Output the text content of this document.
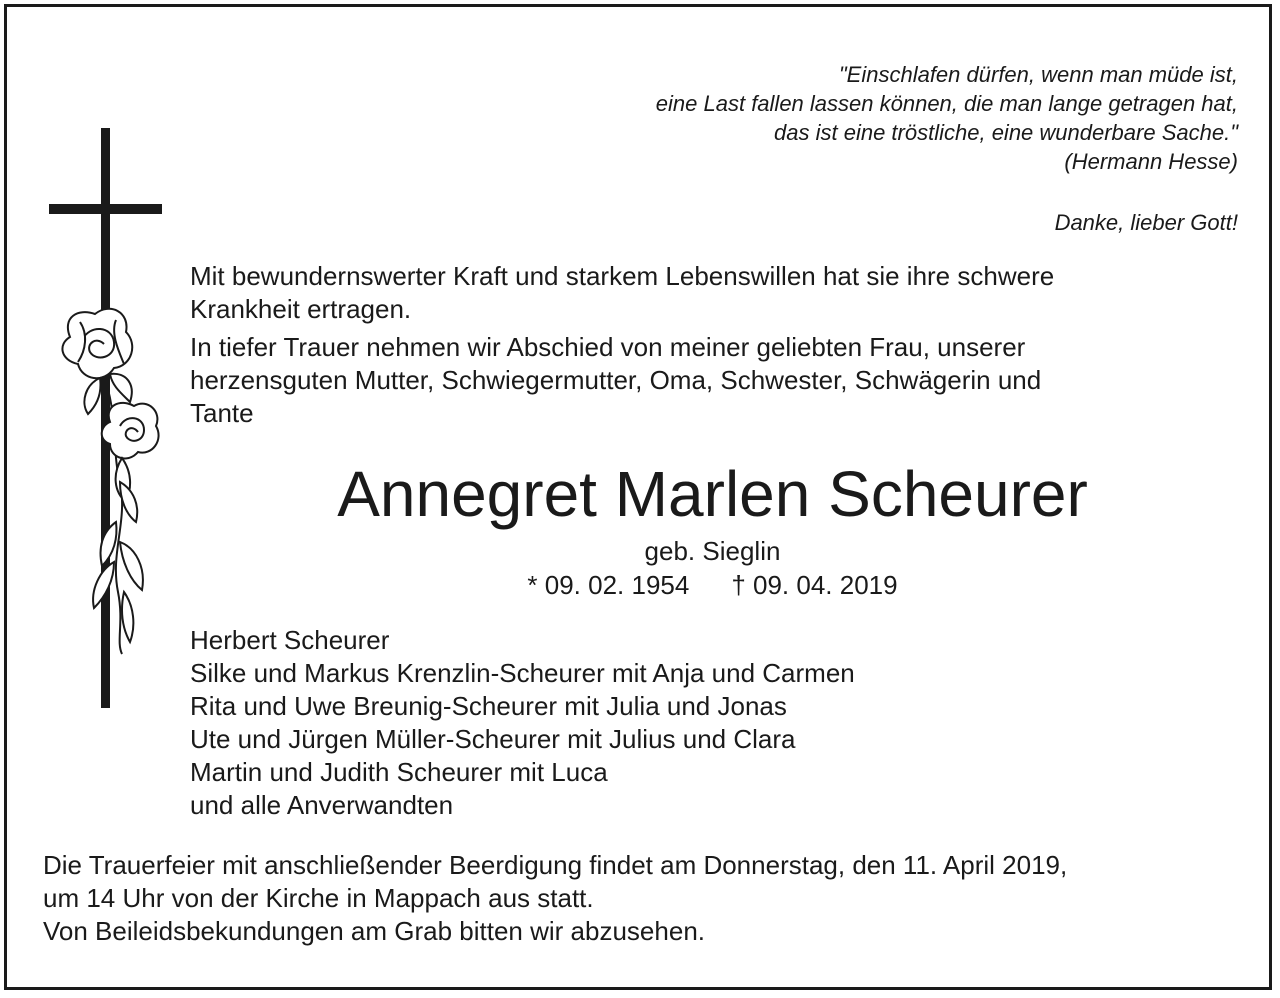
"Einschlafen dürfen, wenn man müde ist,
eine Last fallen lassen können, die man lange getragen hat,
das ist eine tröstliche, eine wunderbare Sache."
(Hermann Hesse)
Danke, lieber Gott!

Mit bewundernswerter Kraft und starkem Lebenswillen hat sie ihre schwere
Krankheit ertragen.

In tiefer Trauer nehmen wir Abschied von meiner geliebten Frau, unserer
herzensguten Mutter, Schwiegermutter, Oma, Schwester, Schwägerin und
Tante

Annegret Marlen Scheurer
geb. Sieglin
* 09. 02. 1954 † 09. 04. 2019
Herbert Scheurer
Silke und Markus Krenzlin-Scheurer mit Anja und Carmen
Rita und Uwe Breunig-Scheurer mit Julia und Jonas
Ute und Jürgen Müller-Scheurer mit Julius und Clara
Martin und Judith Scheurer mit Luca
und alle Anverwandten
Die Trauerfeier mit anschließender Beerdigung findet am Donnerstag, den 11. April 2019,
um 14 Uhr von der Kirche in Mappach aus statt.
Von Beileidsbekundungen am Grab bitten wir abzusehen.
